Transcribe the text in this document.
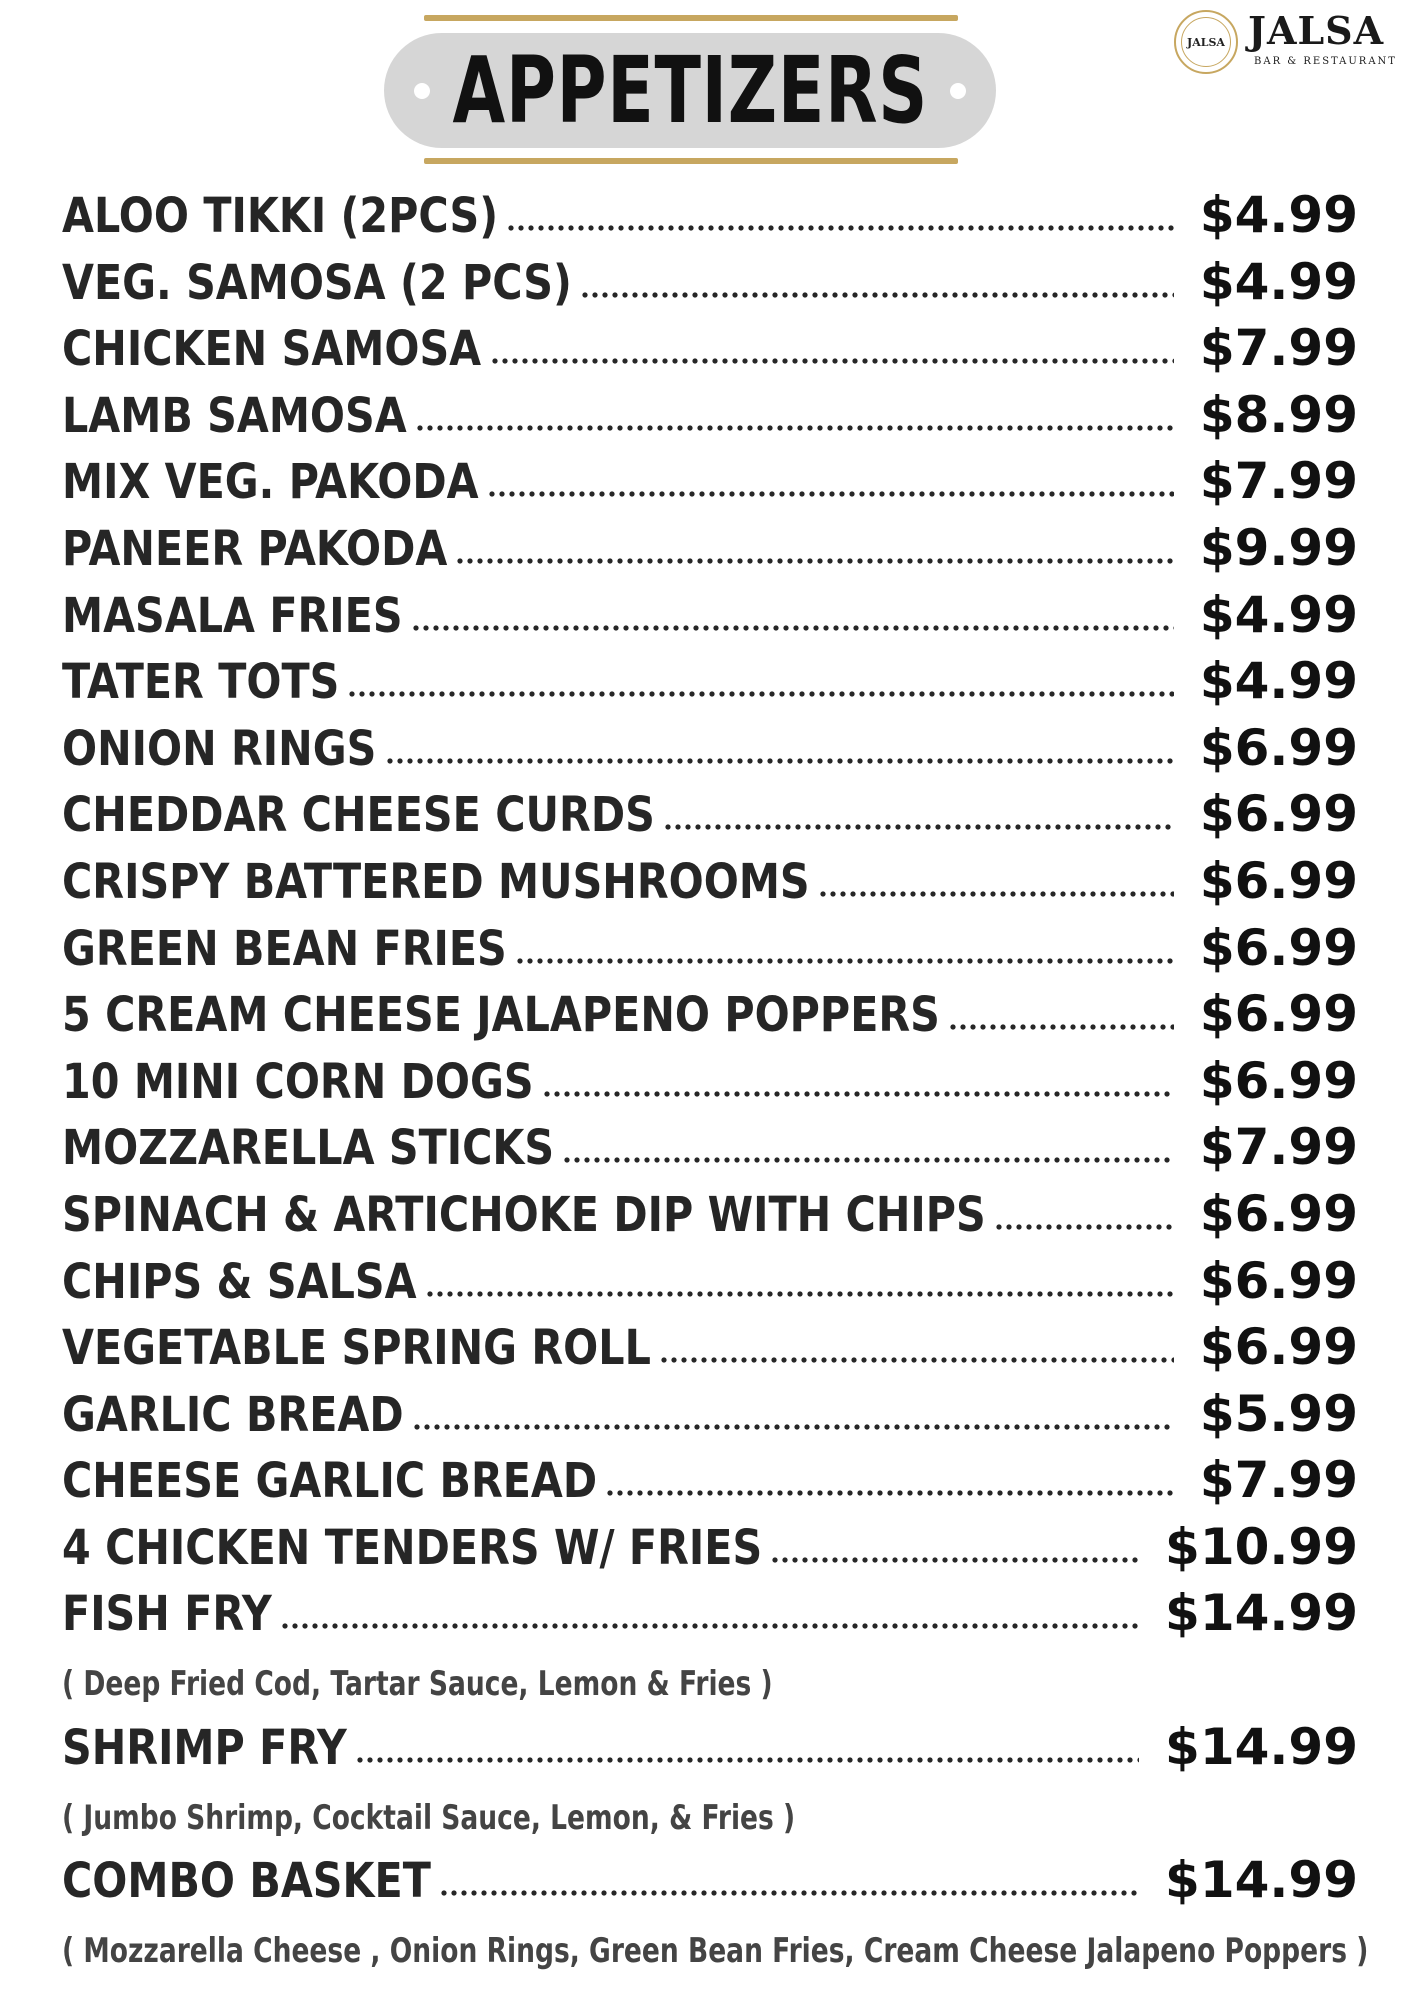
APPETIZERS	JALSA JALSA
BAR & RESTAURANT
ALOO TIKKI (2PCS)	$4.99
VEG. SAMOSA (2 PCS)	$4.99
CHICKEN SAMOSA	$7.99
LAMB SAMOSA	$8.99
MIX VEG. PAKODA	$7.99
PANEER PAKODA	$9.99
MASALA FRIES	$4.99
TATER TOTS	$4.99
ONION RINGS	$6.99
CHEDDAR CHEESE CURDS	$6.99
CRISPY BATTERED MUSHROOMS	$6.99
GREEN BEAN FRIES	$6.99
5 CREAM CHEESE JALAPENO POPPERS	$6.99
10 MINI CORN DOGS	$6.99
MOZZARELLA STICKS	$7.99
SPINACH & ARTICHOKE DIP WITH CHIPS	$6.99
CHIPS & SALSA	$6.99
VEGETABLE SPRING ROLL	$6.99
GARLIC BREAD	$5.99
CHEESE GARLIC BREAD	$7.99
4 CHICKEN TENDERS W/ FRIES	$10.99
FISH FRY	$14.99
( Deep Fried Cod, Tartar Sauce, Lemon & Fries )
SHRIMP FRY	$14.99
( Jumbo Shrimp, Cocktail Sauce, Lemon, & Fries )
COMBO BASKET	$14.99
( Mozzarella Cheese , Onion Rings, Green Bean Fries, Cream Cheese Jalapeno Poppers )
